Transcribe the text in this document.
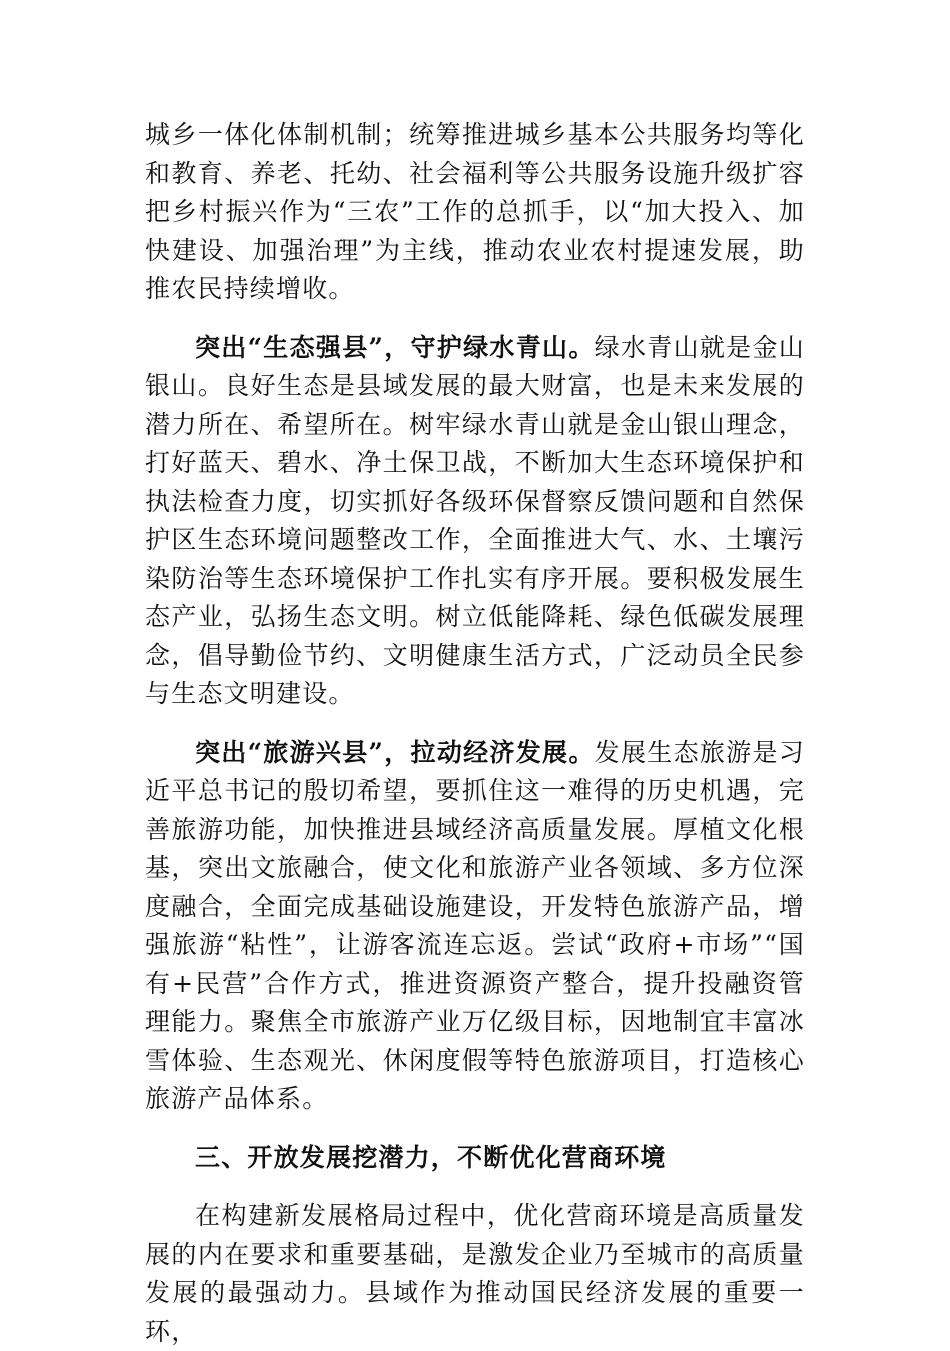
城乡一体化体制机制；统筹推进城乡基本公共服务均等化和教育、养老、托幼、社会福利等公共服务设施升级扩容把乡村振兴作为“三农”工作的总抓手，以“加大投入、加快建设、加强治理”为主线，推动农业农村提速发展，助推农民持续增收。

突出“生态强县”，守护绿水青山。绿水青山就是金山银山。良好生态是县域发展的最大财富，也是未来发展的潜力所在、希望所在。树牢绿水青山就是金山银山理念，打好蓝天、碧水、净土保卫战，不断加大生态环境保护和执法检查力度，切实抓好各级环保督察反馈问题和自然保护区生态环境问题整改工作，全面推进大气、水、土壤污染防治等生态环境保护工作扎实有序开展。要积极发展生态产业，弘扬生态文明。树立低能降耗、绿色低碳发展理念，倡导勤俭节约、文明健康生活方式，广泛动员全民参与生态文明建设。

突出“旅游兴县”，拉动经济发展。发展生态旅游是习近平总书记的殷切希望，要抓住这一难得的历史机遇，完善旅游功能，加快推进县域经济高质量发展。厚植文化根基，突出文旅融合，使文化和旅游产业各领域、多方位深度融合，全面完成基础设施建设，开发特色旅游产品，增强旅游“粘性”，让游客流连忘返。尝试“政府+市场”“国有+民营”合作方式，推进资源资产整合，提升投融资管理能力。聚焦全市旅游产业万亿级目标，因地制宜丰富冰雪体验、生态观光、休闲度假等特色旅游项目，打造核心旅游产品体系。

三、开放发展挖潜力，不断优化营商环境

在构建新发展格局过程中，优化营商环境是高质量发展的内在要求和重要基础，是激发企业乃至城市的高质量发展的最强动力。县域作为推动国民经济发展的重要一环，
